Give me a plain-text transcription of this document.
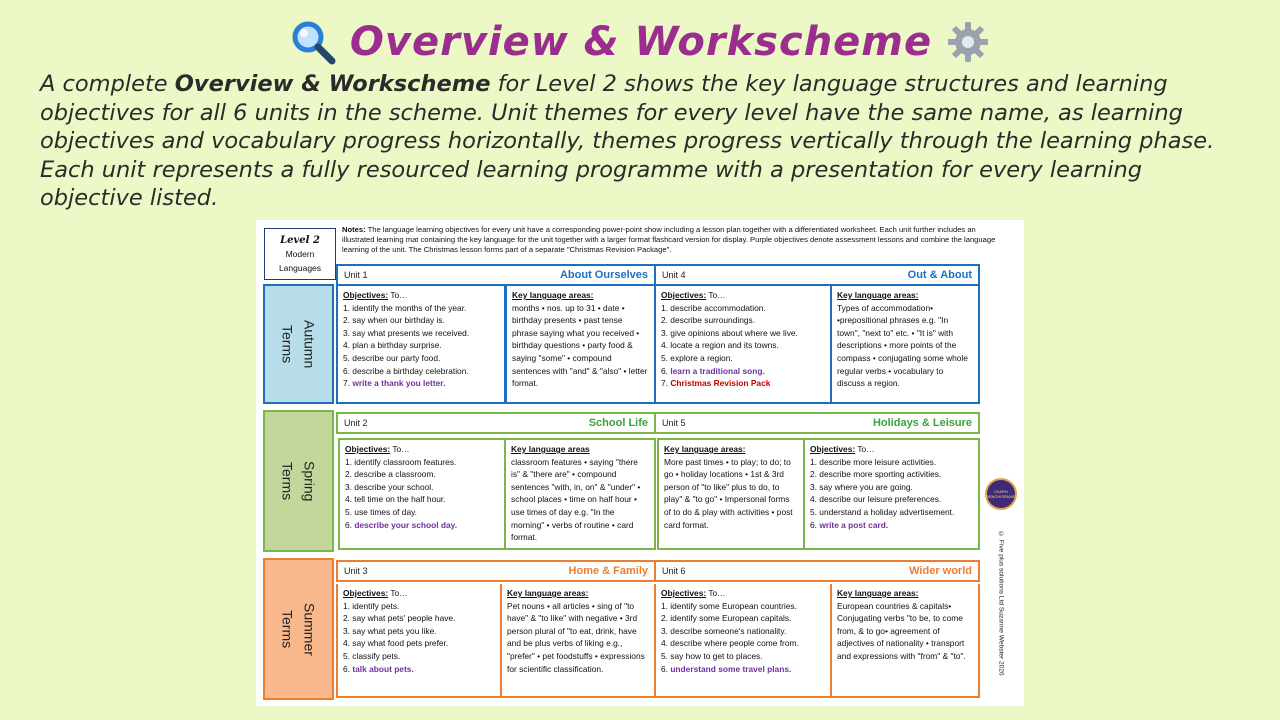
Overview & Workscheme
A complete Overview & Workscheme for Level 2 shows the key language structures and learning objectives for all 6 units in the scheme. Unit themes for every level have the same name, as learning objectives and vocabulary progress horizontally, themes progress vertically through the learning phase. Each unit represents a fully resourced learning programme with a presentation for every learning objective listed.
Level 2
Modern
Languages
Notes: The language learning objectives for every unit have a corresponding power-point show including a lesson plan together with a differentiated worksheet. Each unit further includes an illustrated learning mat containing the key language for the unit together with a larger format flashcard version for display. Purple objectives denote assessment lessons and combine the language learning of the unit. The Christmas lesson forms part of a separate "Christmas Revision Package".
Autumn
Terms
Unit 1	About Ourselves
Objectives: To…
1. identify the months of the year.
2. say when our birthday is.
3. say what presents we received.
4. plan a birthday surprise.
5. describe our party food.
6. describe a birthday celebration.
7. write a thank you letter.
Key language areas:
months • nos. up to 31 • date • birthday presents • past tense phrase saying what you received • birthday questions • party food & saying "some" • compound sentences with "and" & "also" • letter format.
Unit 4	Out & About
Objectives: To…
1. describe accommodation.
2. describe surroundings.
3. give opinions about where we live.
4. locate a region and its towns.
5. explore a region.
6. learn a traditional song.
7. Christmas Revision Pack
Key language areas:
Types of accommodation• •prepositional phrases e.g. "In town", "next to" etc. • "It is" with descriptions • more points of the compass • conjugating some whole regular verbs • vocabulary to discuss a region.
Spring
Terms
Unit 2	School Life
Objectives: To…
1. identify classroom features.
2. describe a classroom.
3. describe your school.
4. tell time on the half hour.
5. use times of day.
6. describe your school day.
Key language areas
classroom features • saying "there is" & "there are" • compound sentences "with, in, on" & "under" • school places • time on half hour • use times of day e.g. "In the morning" • verbs of routine • card format.
Unit 5	Holidays & Leisure
Key language areas:
More past times • to play; to do; to go • holiday locations • 1st & 3rd person of "to like" plus to do, to play" & "to go" • Impersonal forms of to do & play with activities • post card format.
Objectives: To…
1. describe more leisure activities.
2. describe more sporting activities.
3. say where you are going.
4. describe our leisure preferences.
5. understand a holiday advertisement.
6. write a post card.
Summer
Terms
Unit 3	Home & Family
Objectives: To…
1. identify pets.
2. say what pets' people have.
3. say what pets you like.
4. say what food pets prefer.
5. classify pets.
6. talk about pets.
Key language areas:
Pet nouns • all articles • sing of "to have" & "to like" with negative • 3rd person plural of "to eat, drink, have and be plus verbs of liking e.g., "prefer" • pet foodstuffs • expressions for scientific classification.
Unit 6	Wider world
Objectives: To…
1. identify some European countries.
2. identify some European capitals.
3. describe someone's nationality.
4. describe where people come from.
5. say how to get to places.
6. understand some travel plans.
Key language areas:
European countries & capitals• Conjugating verbs "to be, to come from, & to go• agreement of adjectives of nationality • transport and expressions with "from" & "to".
LEARN FRENCH/SPANISH
© Five plus solutions Ltd Suzanne Webster 2026
